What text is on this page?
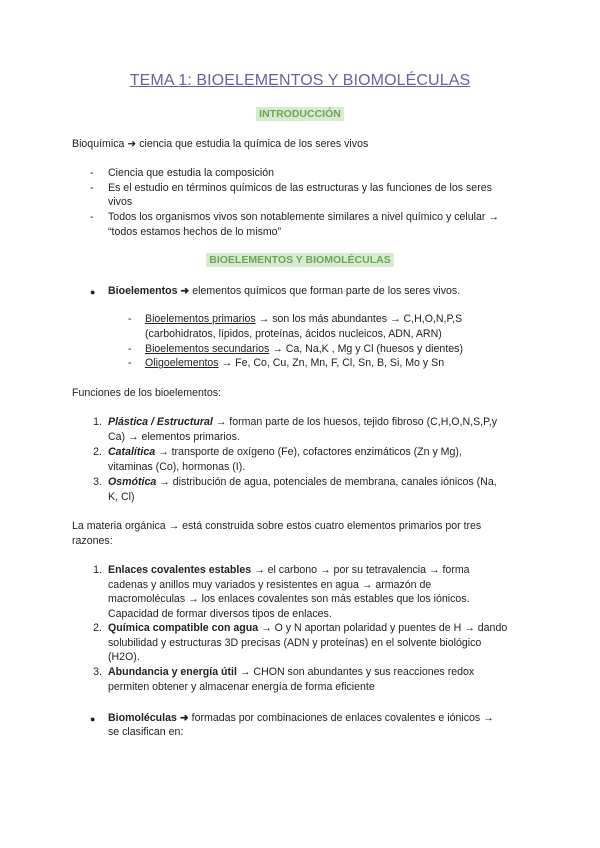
TEMA 1: BIOELEMENTOS Y BIOMOLÉCULAS
INTRODUCCIÓN
Bioquímica ➜ ciencia que estudia la química de los seres vivos
- Ciencia que estudia la composición
- Es el estudio en términos químicos de las estructuras y las funciones de los seres
vivos
- Todos los organismos vivos son notablemente similares a nivel químico y celular →
“todos estamos hechos de lo mismo”
BIOELEMENTOS Y BIOMOLÉCULAS
● Bioelementos ➜ elementos químicos que forman parte de los seres vivos.
- Bioelementos primarios → son los más abundantes → C,H,O,N,P,S
(carbohidratos, lípidos, proteínas, ácidos nucleicos, ADN, ARN)
- Bioelementos secundarios → Ca, Na,K , Mg y Cl (huesos y dientes)
- Oligoelementos → Fe, Co, Cu, Zn, Mn, F, Cl, Sn, B, Si, Mo y Sn
Funciones de los bioelementos:
1. Plástica / Estructural → forman parte de los huesos, tejido fibroso (C,H,O,N,S,P,y
Ca) → elementos primarios.
2. Catalítica → transporte de oxígeno (Fe), cofactores enzimáticos (Zn y Mg),
vitaminas (Co), hormonas (I).
3. Osmótica → distribución de agua, potenciales de membrana, canales iónicos (Na,
K, Cl)
La materia orgánica → está construida sobre estos cuatro elementos primarios por tres
razones:
1. Enlaces covalentes estables → el carbono → por su tetravalencia → forma
cadenas y anillos muy variados y resistentes en agua → armazón de
macromoléculas → los enlaces covalentes son más estables que los iónicos.
Capacidad de formar diversos tipos de enlaces.
2. Química compatible con agua → O y N aportan polaridad y puentes de H → dando
solubilidad y estructuras 3D precisas (ADN y proteínas) en el solvente biológico
(H2O).
3. Abundancia y energía útil → CHON son abundantes y sus reacciones redox
permiten obtener y almacenar energía de forma eficiente
● Biomoléculas ➜ formadas por combinaciones de enlaces covalentes e iónicos →
se clasifican en:
